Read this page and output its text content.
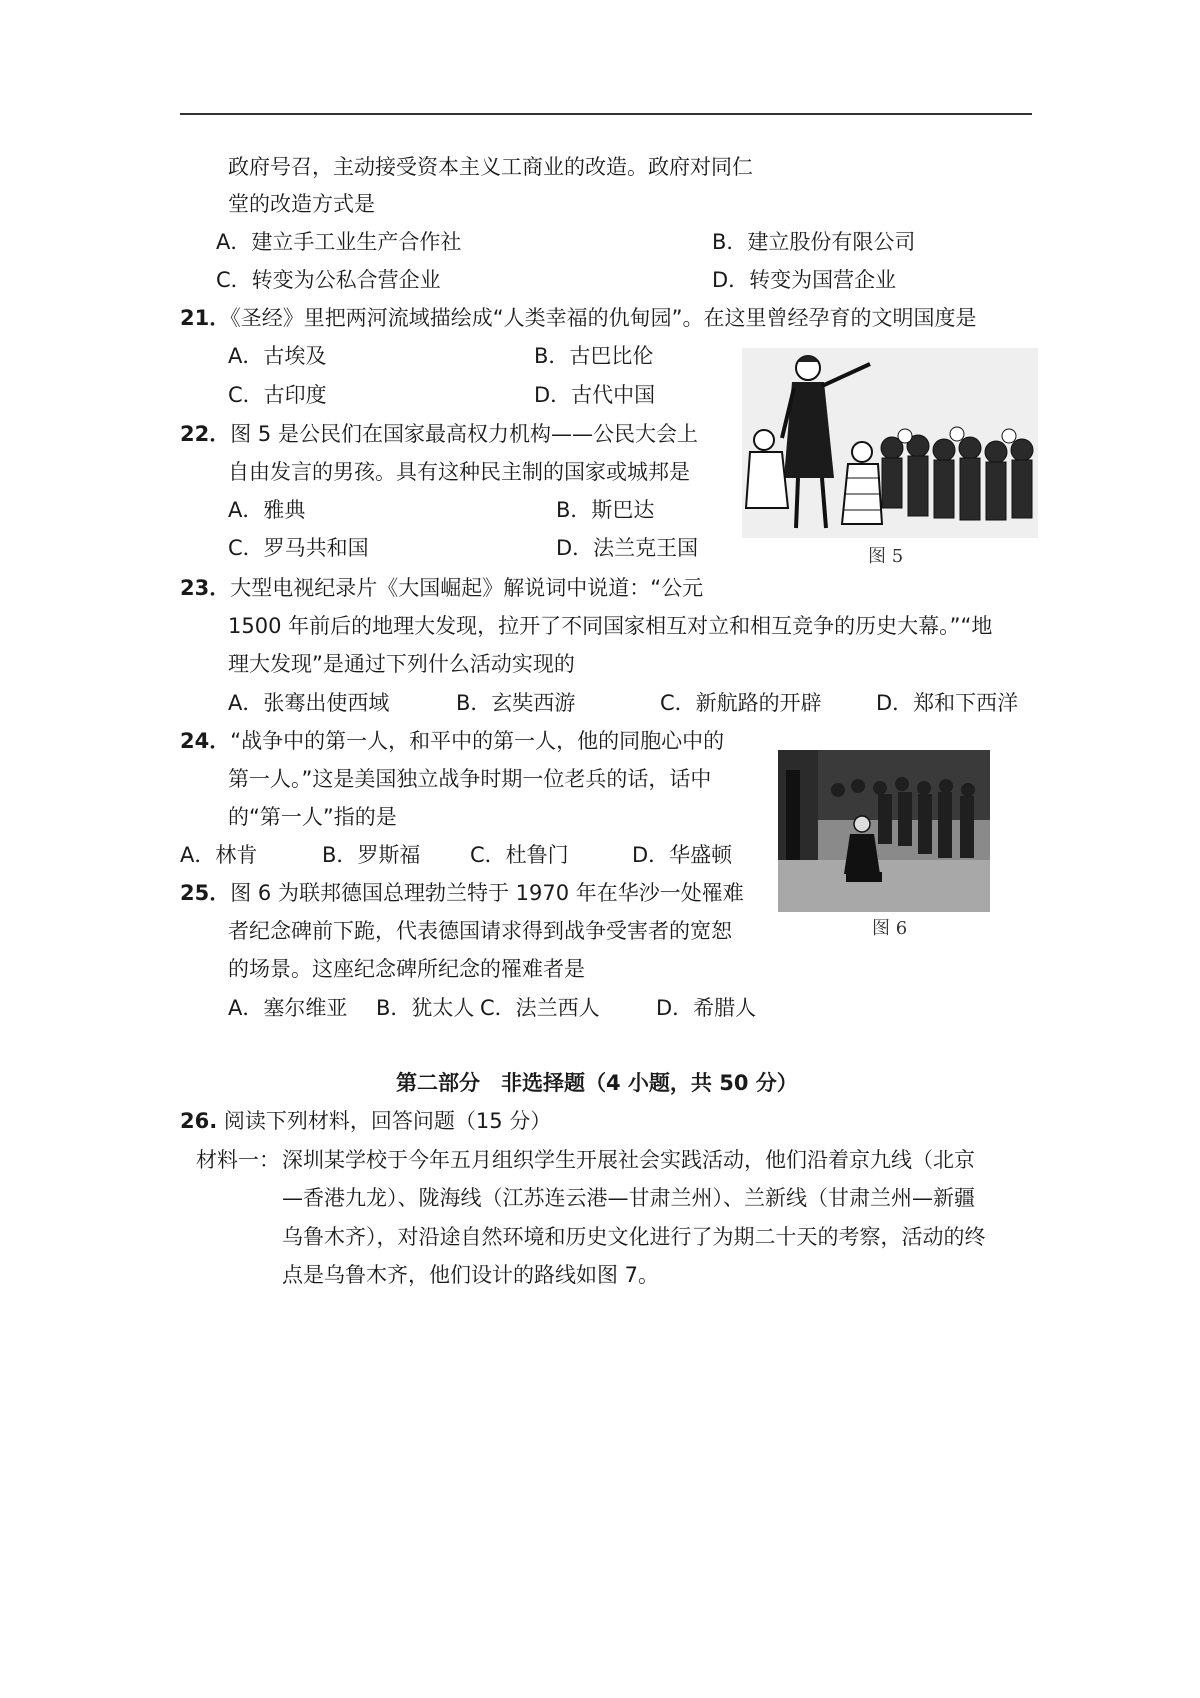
政府号召，主动接受资本主义工商业的改造。政府对同仁
堂的改造方式是
A．建立手工业生产合作社	B．建立股份有限公司
C．转变为公私合营企业	D．转变为国营企业
21．《圣经》里把两河流域描绘成“人类幸福的仇甸园”。在这里曾经孕育的文明国度是
A．古埃及	B．古巴比伦
C．古印度	D．古代中国
22．图 5 是公民们在国家最高权力机构——公民大会上
自由发言的男孩。具有这种民主制的国家或城邦是
A．雅典	B．斯巴达
C．罗马共和国	D．法兰克王国	图 5
23．大型电视纪录片《大国崛起》解说词中说道：“公元
1500 年前后的地理大发现，拉开了不同国家相互对立和相互竞争的历史大幕。”“地
理大发现”是通过下列什么活动实现的
A．张骞出使西域	B．玄奘西游	C．新航路的开辟	D．郑和下西洋
24．“战争中的第一人，和平中的第一人，他的同胞心中的
第一人。”这是美国独立战争时期一位老兵的话，话中
的“第一人”指的是
A．林肯	B．罗斯福 C．杜鲁门	D．华盛顿
图 6
25．图 6 为联邦德国总理勃兰特于 1970 年在华沙一处罹难
者纪念碑前下跪，代表德国请求得到战争受害者的宽恕
的场景。这座纪念碑所纪念的罹难者是
A．塞尔维亚 B．犹太人 C．法兰西人	D．希腊人
第二部分　非选择题（4 小题，共 50 分）
26. 阅读下列材料，回答问题（15 分）
材料一： 深圳某学校于今年五月组织学生开展社会实践活动，他们沿着京九线（北京
—香港九龙）、陇海线（江苏连云港—甘肃兰州）、兰新线（甘肃兰州—新疆
乌鲁木齐），对沿途自然环境和历史文化进行了为期二十天的考察，活动的终
点是乌鲁木齐，他们设计的路线如图 7。
